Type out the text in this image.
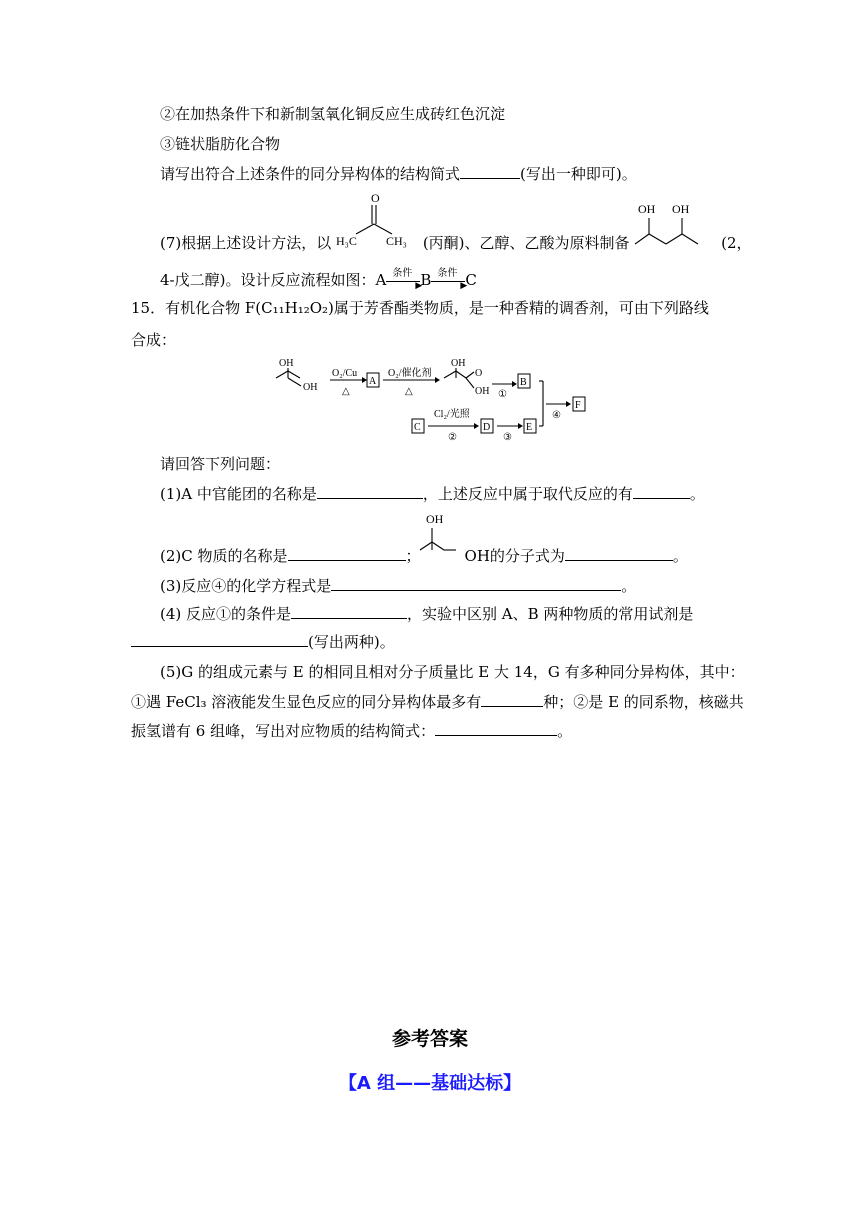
②在加热条件下和新制氢氧化铜反应生成砖红色沉淀
③链状脂肪化合物
请写出符合上述条件的同分异构体的结构简式	(写出一种即可)。
O
H₃C CH₃
OH OH
(7)根据上述设计方法，以	(丙酮)、乙醇、乙酸为原料制备	(2，
4-戊二醇)。设计反应流程如图：A 条件
▶
B 条件
▶
C
15．有机化合物 F(C₁₁H₁₂O₂)属于芳香酯类物质，是一种香精的调香剂，可由下列路线
合成：
OH
OH
O₂/Cu
△
A
O₂/催化剂
△
OH
O
OH ①
B
C
Cl₂/光照
②
D
③
E
④
F
请回答下列问题：
(1)A 中官能团的名称是	，上述反应中属于取代反应的有	。
OH
(2)C 物质的名称是	；	OH的分子式为	。
(3)反应④的化学方程式是	。
(4) 反应①的条件是	，实验中区别 A、B 两种物质的常用试剂是
(写出两种)。
(5)G 的组成元素与 E 的相同且相对分子质量比 E 大 14，G 有多种同分异构体，其中：
①遇 FeCl₃ 溶液能发生显色反应的同分异构体最多有	种；②是 E 的同系物，核磁共
振氢谱有 6 组峰，写出对应物质的结构简式：	。
参考答案
【A 组——基础达标】
